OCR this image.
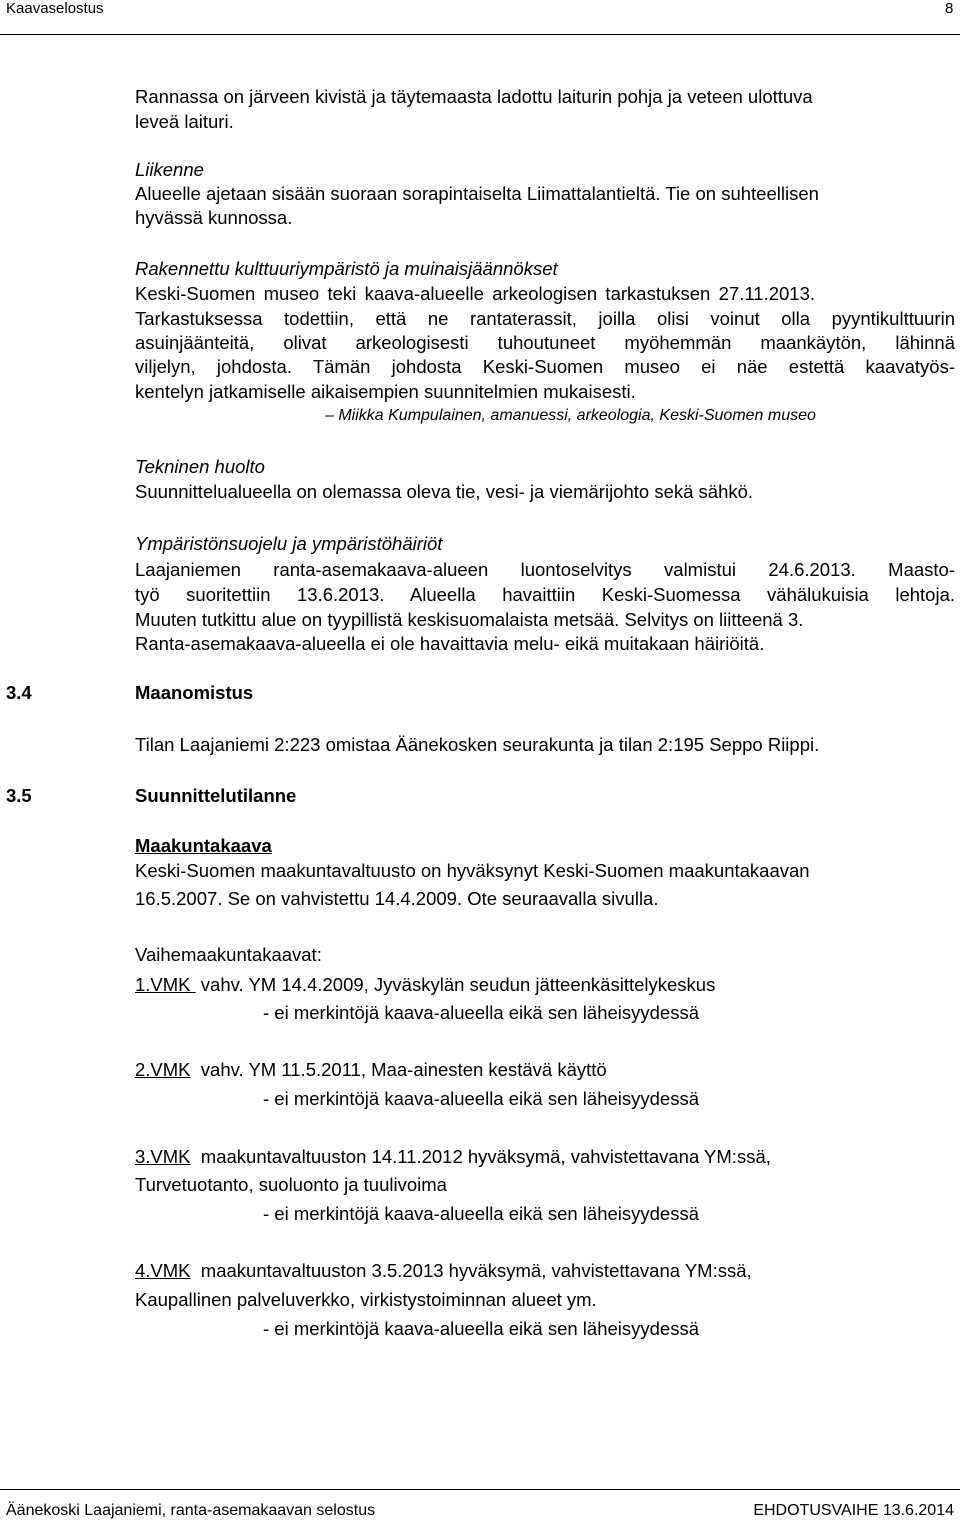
Kaavaselostus	8
Rannassa on järveen kivistä ja täytemaasta ladottu laiturin pohja ja veteen ulottuva
leveä laituri.
Liikenne
Alueelle ajetaan sisään suoraan sorapintaiselta Liimattalantieltä. Tie on suhteellisen
hyvässä kunnossa.
Rakennettu kulttuuriympäristö ja muinaisjäännökset
Keski-Suomen museo teki kaava-alueelle arkeologisen tarkastuksen 27.11.2013.
Tarkastuksessa todettiin, että ne rantaterassit, joilla olisi voinut olla pyyntikulttuurin
asuinjäänteitä, olivat arkeologisesti tuhoutuneet myöhemmän maankäytön, lähinnä
viljelyn, johdosta. Tämän johdosta Keski-Suomen museo ei näe estettä kaavatyös-
kentelyn jatkamiselle aikaisempien suunnitelmien mukaisesti.
– Miikka Kumpulainen, amanuessi, arkeologia, Keski-Suomen museo
Tekninen huolto
Suunnittelualueella on olemassa oleva tie, vesi- ja viemärijohto sekä sähkö.
Ympäristönsuojelu ja ympäristöhäiriöt
Laajaniemen ranta-asemakaava-alueen luontoselvitys valmistui 24.6.2013. Maasto-
työ suoritettiin 13.6.2013. Alueella havaittiin Keski-Suomessa vähälukuisia lehtoja.
Muuten tutkittu alue on tyypillistä keskisuomalaista metsää. Selvitys on liitteenä 3.
Ranta-asemakaava-alueella ei ole havaittavia melu- eikä muitakaan häiriöitä.
3.4	Maanomistus
Tilan Laajaniemi 2:223 omistaa Äänekosken seurakunta ja tilan 2:195 Seppo Riippi.
3.5	Suunnittelutilanne
Maakuntakaava
Keski-Suomen maakuntavaltuusto on hyväksynyt Keski-Suomen maakuntakaavan
16.5.2007. Se on vahvistettu 14.4.2009. Ote seuraavalla sivulla.
Vaihemaakuntakaavat:
1.VMK  vahv. YM 14.4.2009, Jyväskylän seudun jätteenkäsittelykeskus
- ei merkintöjä kaava-alueella eikä sen läheisyydessä
2.VMK  vahv. YM 11.5.2011, Maa-ainesten kestävä käyttö
- ei merkintöjä kaava-alueella eikä sen läheisyydessä
3.VMK  maakuntavaltuuston 14.11.2012 hyväksymä, vahvistettavana YM:ssä,
Turvetuotanto, suoluonto ja tuulivoima
- ei merkintöjä kaava-alueella eikä sen läheisyydessä
4.VMK  maakuntavaltuuston 3.5.2013 hyväksymä, vahvistettavana YM:ssä,
Kaupallinen palveluverkko, virkistystoiminnan alueet ym.
- ei merkintöjä kaava-alueella eikä sen läheisyydessä
Äänekoski Laajaniemi, ranta-asemakaavan selostus	EHDOTUSVAIHE 13.6.2014
